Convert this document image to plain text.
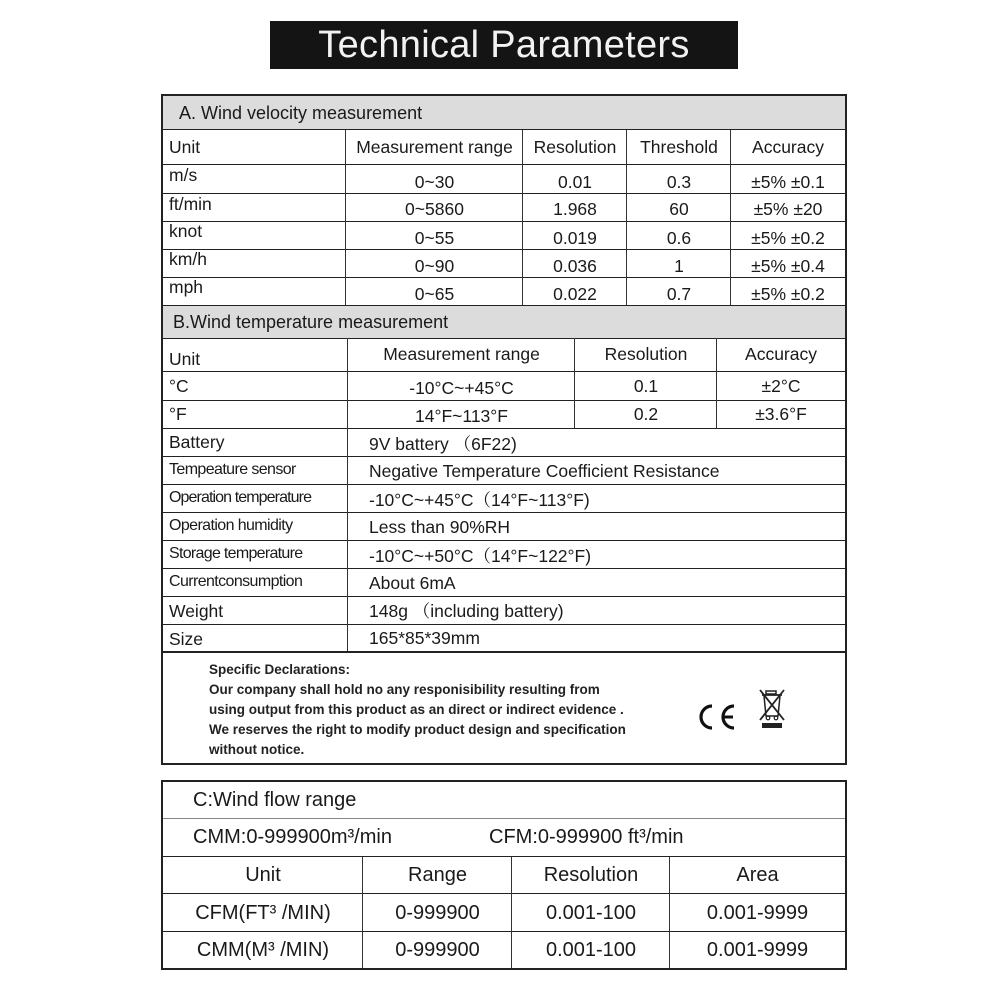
Technical Parameters
A. Wind velocity measurement
Unit	Measurement range	Resolution	Threshold	Accuracy
m/s	0~30	0.01	0.3	±5% ±0.1
ft/min	0~5860	1.968	60	±5% ±20
knot	0~55	0.019	0.6	±5% ±0.2
km/h	0~90	0.036	1	±5% ±0.4
mph	0~65	0.022	0.7	±5% ±0.2
B.Wind temperature measurement
Unit	Measurement range	Resolution	Accuracy
°C	-10°C~+45°C	0.1	±2°C
°F	14°F~113°F	0.2	±3.6°F
Battery	9V battery （6F22)
Tempeature sensor	Negative Temperature Coefficient Resistance
Operation temperature	-10°C~+45°C（14°F~113°F)
Operation humidity	Less than 90%RH
Storage temperature	-10°C~+50°C（14°F~122°F)
Currentconsumption	About 6mA
Weight	148g （including battery)
Size	165*85*39mm
Specific Declarations:
Our company shall hold no any responisibility resulting from
using output from this product as an direct or indirect evidence .
We reserves the right to modify product design and specification
without notice.
C:Wind flow range
CMM:0-999900m³/min	CFM:0-999900 ft³/min
Unit	Range	Resolution	Area
CFM(FT³ /MIN)	0-999900	0.001-100	0.001-9999
CMM(M³ /MIN)	0-999900	0.001-100	0.001-9999
